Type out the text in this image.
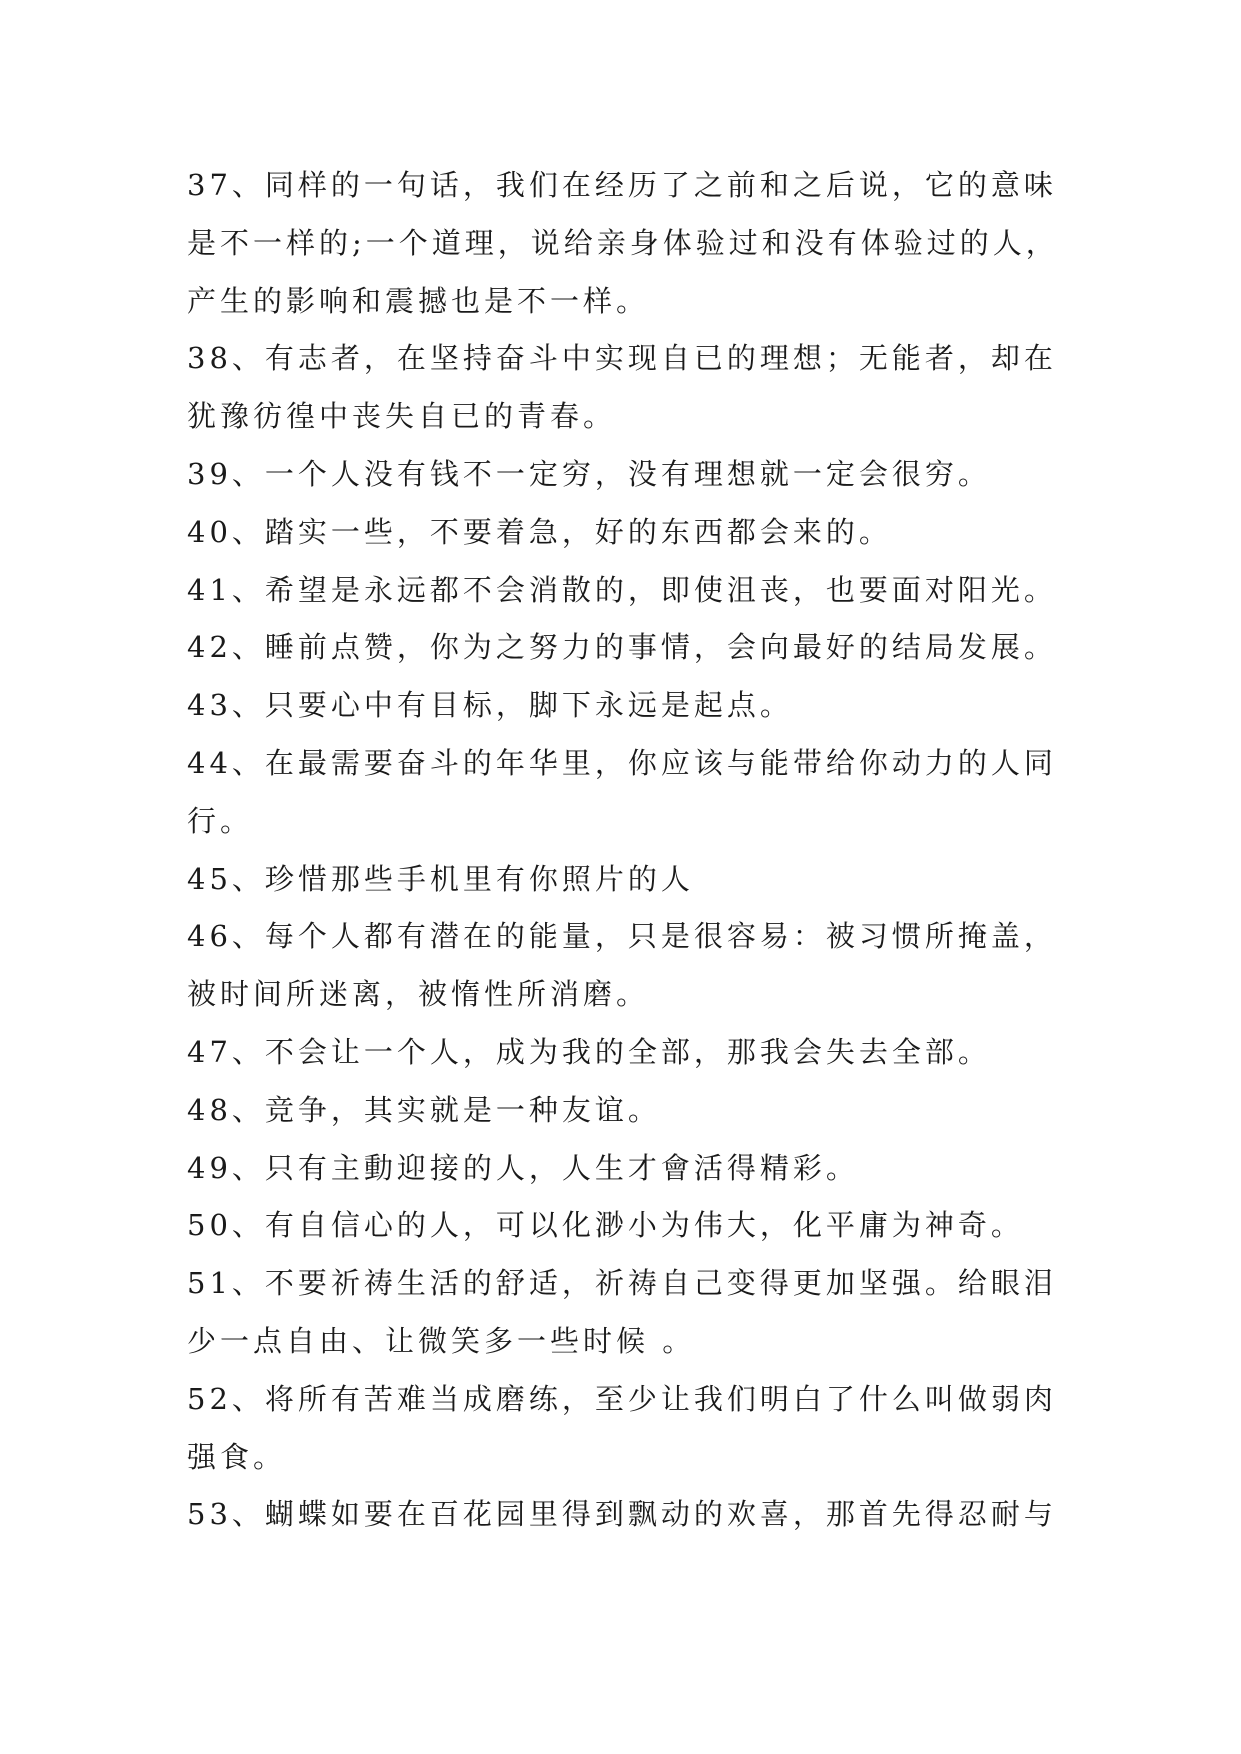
37、同样的一句话，我们在经历了之前和之后说，它的意味
是不一样的;一个道理，说给亲身体验过和没有体验过的人，
产生的影响和震撼也是不一样。
38、有志者，在坚持奋斗中实现自已的理想；无能者，却在
犹豫彷徨中丧失自已的青春。
39、一个人没有钱不一定穷，没有理想就一定会很穷。
40、踏实一些，不要着急，好的东西都会来的。
41、希望是永远都不会消散的，即使沮丧，也要面对阳光。
42、睡前点赞，你为之努力的事情，会向最好的结局发展。
43、只要心中有目标，脚下永远是起点。
44、在最需要奋斗的年华里，你应该与能带给你动力的人同
行。
45、珍惜那些手机里有你照片的人
46、每个人都有潜在的能量，只是很容易：被习惯所掩盖，
被时间所迷离，被惰性所消磨。
47、不会让一个人，成为我的全部，那我会失去全部。
48、竞争，其实就是一种友谊。
49、只有主動迎接的人，人生才會活得精彩。
50、有自信心的人，可以化渺小为伟大，化平庸为神奇。
51、不要祈祷生活的舒适，祈祷自己变得更加坚强。给眼泪
少一点自由、让微笑多一些时候 。
52、将所有苦难当成磨练，至少让我们明白了什么叫做弱肉
强食。
53、蝴蝶如要在百花园里得到飘动的欢喜，那首先得忍耐与
